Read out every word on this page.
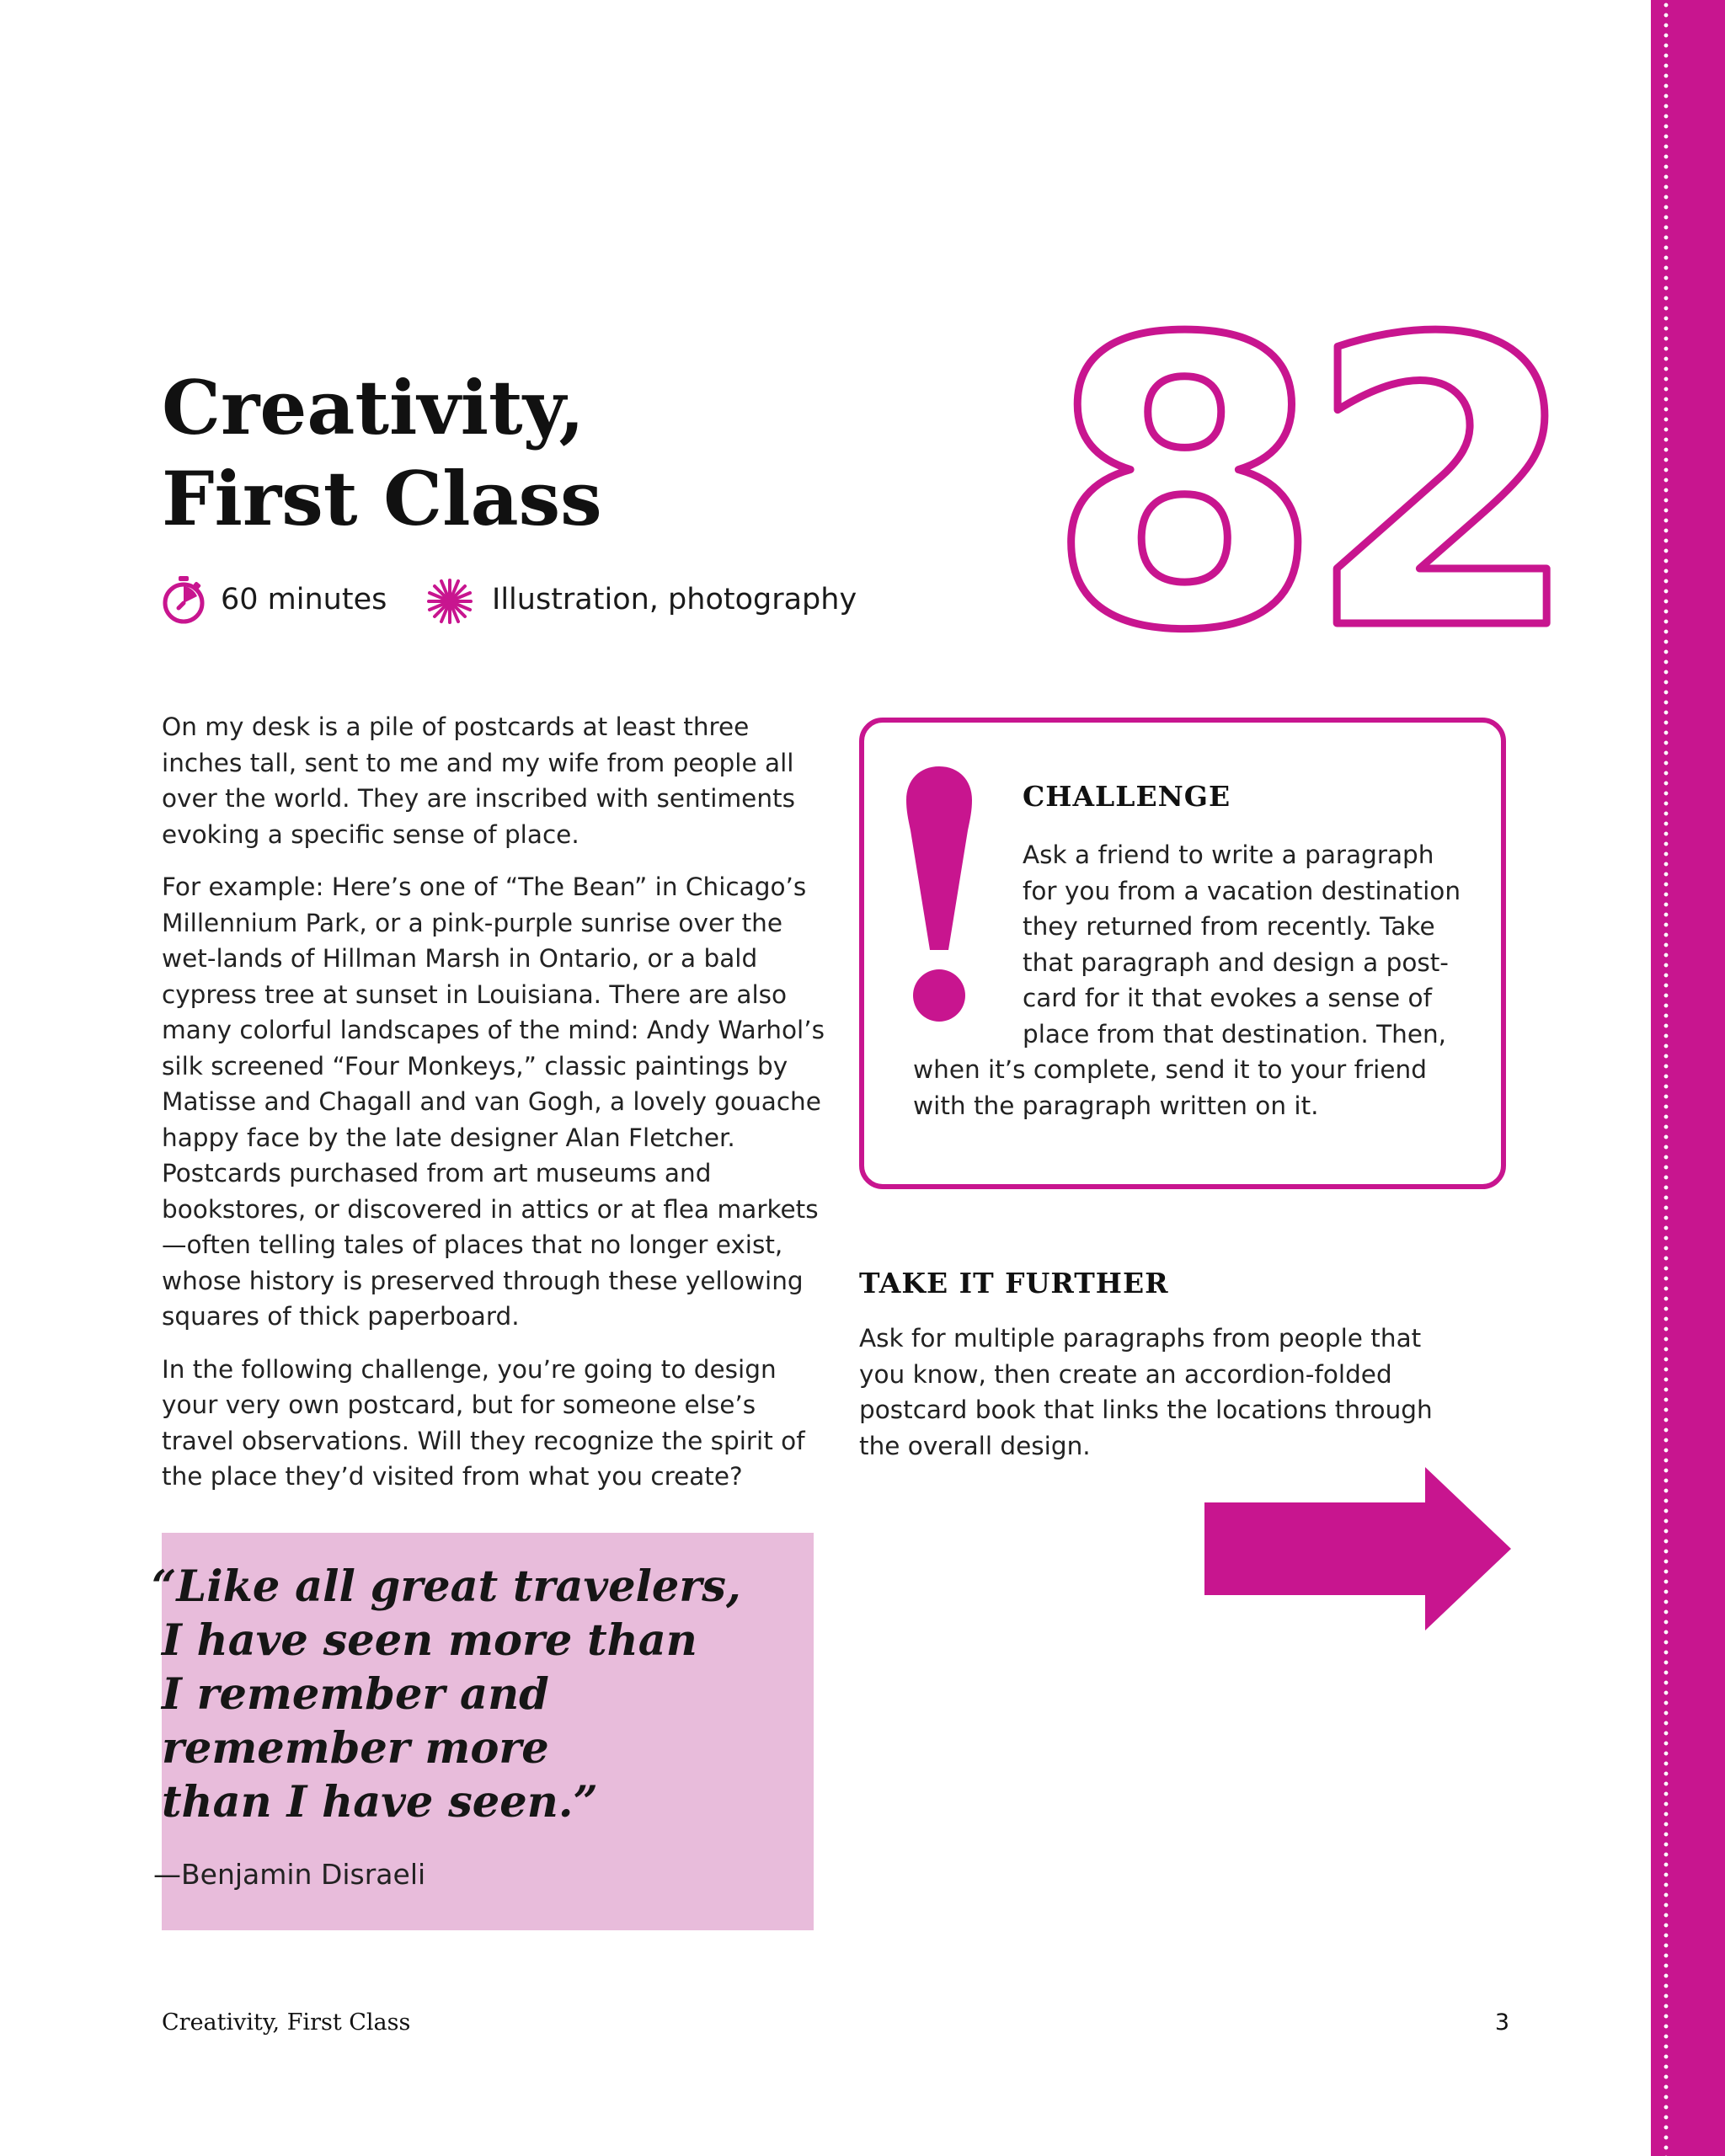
Creativity,
First Class	82
60 minutes	Illustration, photography

On my desk is a pile of postcards at least three inches tall, sent to me and my wife from people all over the world. They are inscribed with sentiments evoking a specific sense of place.

For example: Here’s one of “The Bean” in Chicago’s Millennium Park, or a pink-purple sunrise over the wet-lands of Hillman Marsh in Ontario, or a bald cypress tree at sunset in Louisiana. There are also many colorful landscapes of the mind: Andy Warhol’s silk screened “Four Monkeys,” classic paintings by Matisse and Chagall and van Gogh, a lovely gouache happy face by the late designer Alan Fletcher. Postcards purchased from art museums and bookstores, or discovered in attics or at flea markets—often telling tales of places that no longer exist, whose history is preserved through these yellowing squares of thick paperboard.

In the following challenge, you’re going to design your very own postcard, but for someone else’s travel observations. Will they recognize the spirit of the place they’d visited from what you create?

“Like all great travelers,
I have seen more than
I remember and
remember more
than I have seen.”
—Benjamin Disraeli
CHALLENGE
Ask a friend to write a paragraph
for you from a vacation destination
they returned from recently. Take
that paragraph and design a post-
card for it that evokes a sense of
place from that destination. Then,
when it’s complete, send it to your friend
with the paragraph written on it.
TAKE IT FURTHER
Ask for multiple paragraphs from people that you know, then create an accordion-folded postcard book that links the locations through the overall design.
Creativity, First Class	3
